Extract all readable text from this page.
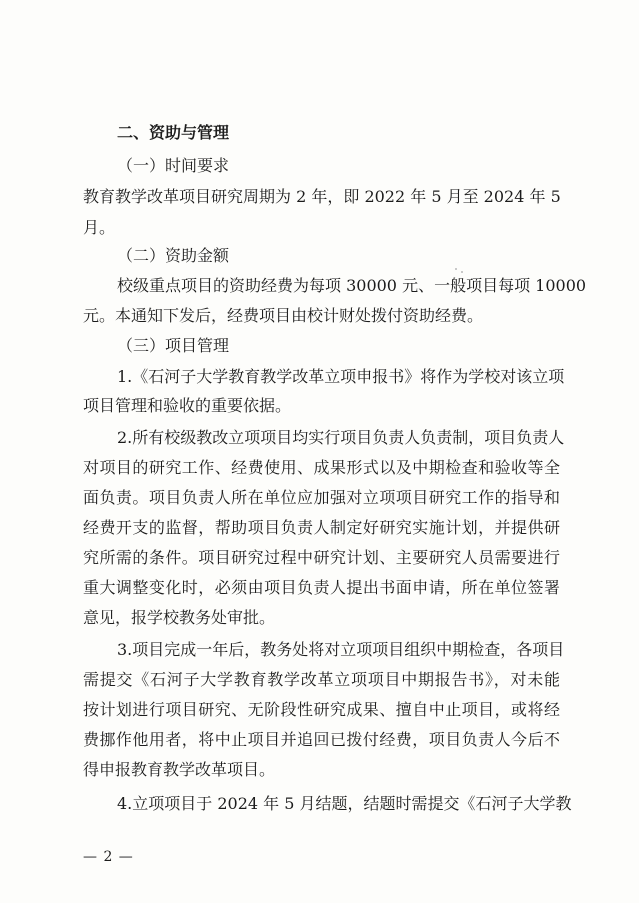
二、资助与管理
（一）时间要求
教育教学改革项目研究周期为 2 年，即 2022 年 5 月至 2024 年 5
月。
（二）资助金额
校级重点项目的资助经费为每项 30000 元、一般项目每项 10000
元。本通知下发后，经费项目由校计财处拨付资助经费。
（三）项目管理
1.《石河子大学教育教学改革立项申报书》将作为学校对该立项
项目管理和验收的重要依据。
2.所有校级教改立项项目均实行项目负责人负责制，项目负责人
对项目的研究工作、经费使用、成果形式以及中期检查和验收等全
面负责。项目负责人所在单位应加强对立项项目研究工作的指导和
经费开支的监督，帮助项目负责人制定好研究实施计划，并提供研
究所需的条件。项目研究过程中研究计划、主要研究人员需要进行
重大调整变化时，必须由项目负责人提出书面申请，所在单位签署
意见，报学校教务处审批。
3.项目完成一年后，教务处将对立项项目组织中期检查，各项目
需提交《石河子大学教育教学改革立项项目中期报告书》，对未能
按计划进行项目研究、无阶段性研究成果、擅自中止项目，或将经
费挪作他用者，将中止项目并追回已拨付经费，项目负责人今后不
得申报教育教学改革项目。
4.立项项目于 2024 年 5 月结题，结题时需提交《石河子大学教
— 2 —
